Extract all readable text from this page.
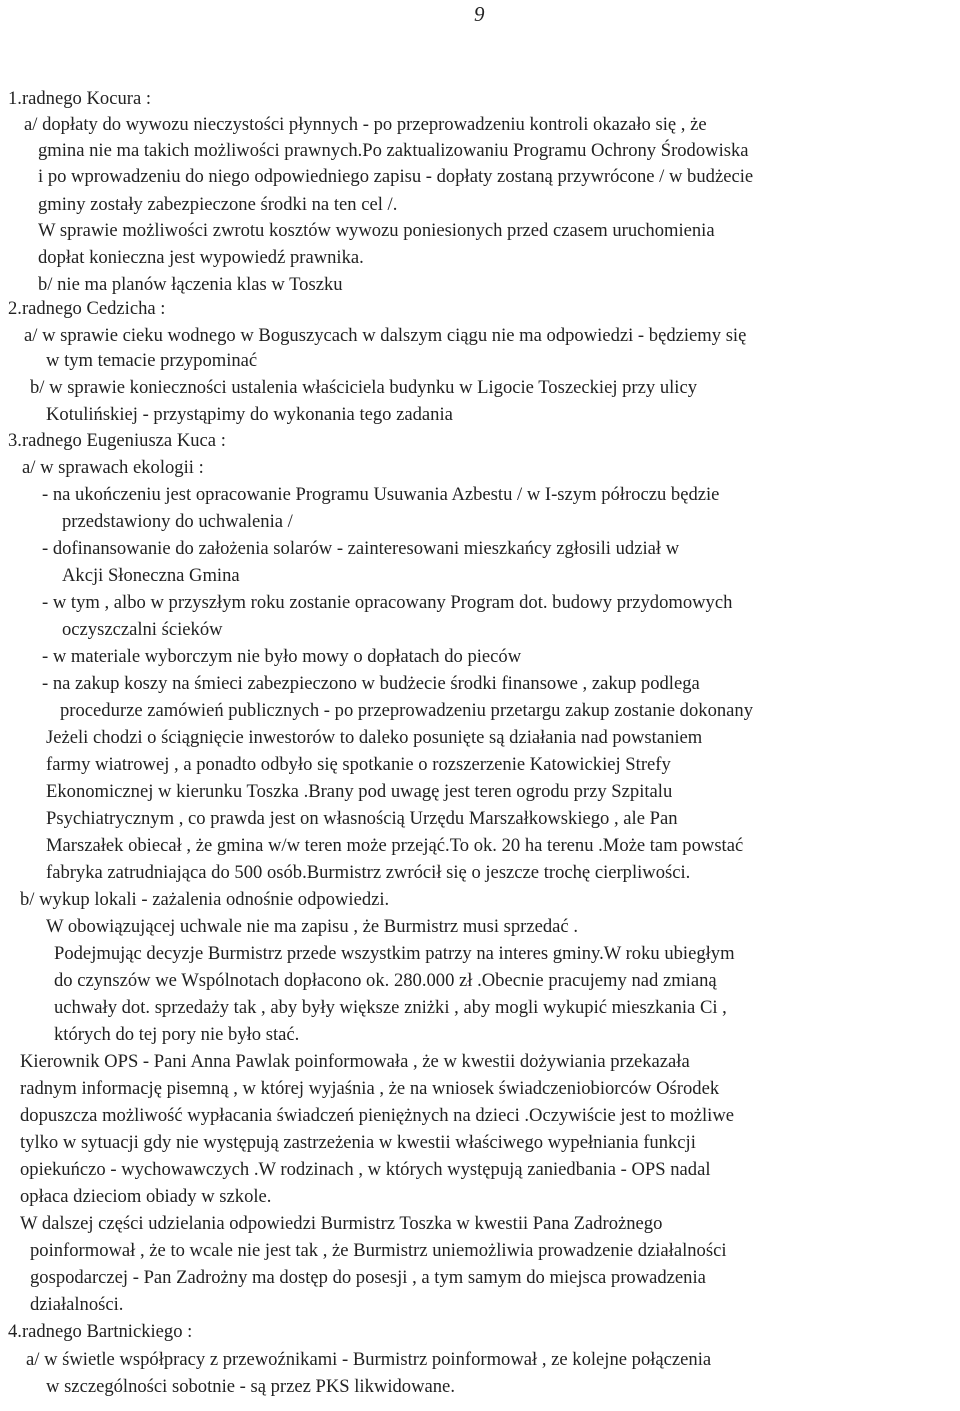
9
1.radnego Kocura :
a/ dopłaty do wywozu nieczystości płynnych - po przeprowadzeniu kontroli okazało się , że
gmina nie ma takich możliwości prawnych.Po zaktualizowaniu Programu Ochrony Środowiska
i po wprowadzeniu do niego odpowiedniego zapisu - dopłaty zostaną przywrócone / w budżecie
gminy zostały zabezpieczone środki na ten cel /.
W sprawie możliwości zwrotu kosztów wywozu poniesionych przed czasem uruchomienia
dopłat konieczna jest wypowiedź prawnika.
b/ nie ma planów łączenia klas w Toszku
2.radnego Cedzicha :
a/ w sprawie cieku wodnego w Boguszycach w dalszym ciągu nie ma odpowiedzi - będziemy się
w tym temacie przypominać
b/ w sprawie konieczności ustalenia właściciela budynku w Ligocie Toszeckiej przy ulicy
Kotulińskiej - przystąpimy do wykonania tego zadania
3.radnego Eugeniusza Kuca :
a/ w sprawach ekologii :
- na ukończeniu jest opracowanie Programu Usuwania Azbestu / w I-szym półroczu będzie
przedstawiony do uchwalenia /
- dofinansowanie do założenia solarów - zainteresowani mieszkańcy zgłosili udział w
Akcji Słoneczna Gmina
- w tym , albo w przyszłym roku zostanie opracowany Program dot. budowy przydomowych
oczyszczalni ścieków
- w materiale wyborczym nie było mowy o dopłatach do pieców
- na zakup koszy na śmieci zabezpieczono w budżecie środki finansowe , zakup podlega
procedurze zamówień publicznych - po przeprowadzeniu przetargu zakup zostanie dokonany
Jeżeli chodzi o ściągnięcie inwestorów to daleko posunięte są działania nad powstaniem
farmy wiatrowej , a ponadto odbyło się spotkanie o rozszerzenie Katowickiej Strefy
Ekonomicznej w kierunku Toszka .Brany pod uwagę jest teren ogrodu przy Szpitalu
Psychiatrycznym , co prawda jest on własnością Urzędu Marszałkowskiego , ale Pan
Marszałek obiecał , że gmina w/w teren może przejąć.To ok. 20 ha terenu .Może tam powstać
fabryka zatrudniająca do 500 osób.Burmistrz zwrócił się o jeszcze trochę cierpliwości.
b/ wykup lokali - zażalenia odnośnie odpowiedzi.
W obowiązującej uchwale nie ma zapisu , że Burmistrz musi sprzedać .
Podejmując decyzje Burmistrz przede wszystkim patrzy na interes gminy.W roku ubiegłym
do czynszów we Wspólnotach dopłacono ok. 280.000 zł .Obecnie pracujemy nad zmianą
uchwały dot. sprzedaży tak , aby były większe zniżki , aby mogli wykupić mieszkania Ci ,
których do tej pory nie było stać.
Kierownik OPS - Pani Anna Pawlak poinformowała , że w kwestii dożywiania przekazała
radnym informację pisemną , w której wyjaśnia , że na wniosek świadczeniobiorców Ośrodek
dopuszcza możliwość wypłacania świadczeń pieniężnych na dzieci .Oczywiście jest to możliwe
tylko w sytuacji gdy nie występują zastrzeżenia w kwestii właściwego wypełniania funkcji
opiekuńczo - wychowawczych .W rodzinach , w których występują zaniedbania - OPS nadal
opłaca dzieciom obiady w szkole.
W dalszej części udzielania odpowiedzi Burmistrz Toszka w kwestii Pana Zadrożnego
poinformował , że to wcale nie jest tak , że Burmistrz uniemożliwia prowadzenie działalności
gospodarczej - Pan Zadrożny ma dostęp do posesji , a tym samym do miejsca prowadzenia
działalności.
4.radnego Bartnickiego :
a/ w świetle współpracy z przewoźnikami - Burmistrz poinformował , ze kolejne połączenia
w szczególności sobotnie - są przez PKS likwidowane.
